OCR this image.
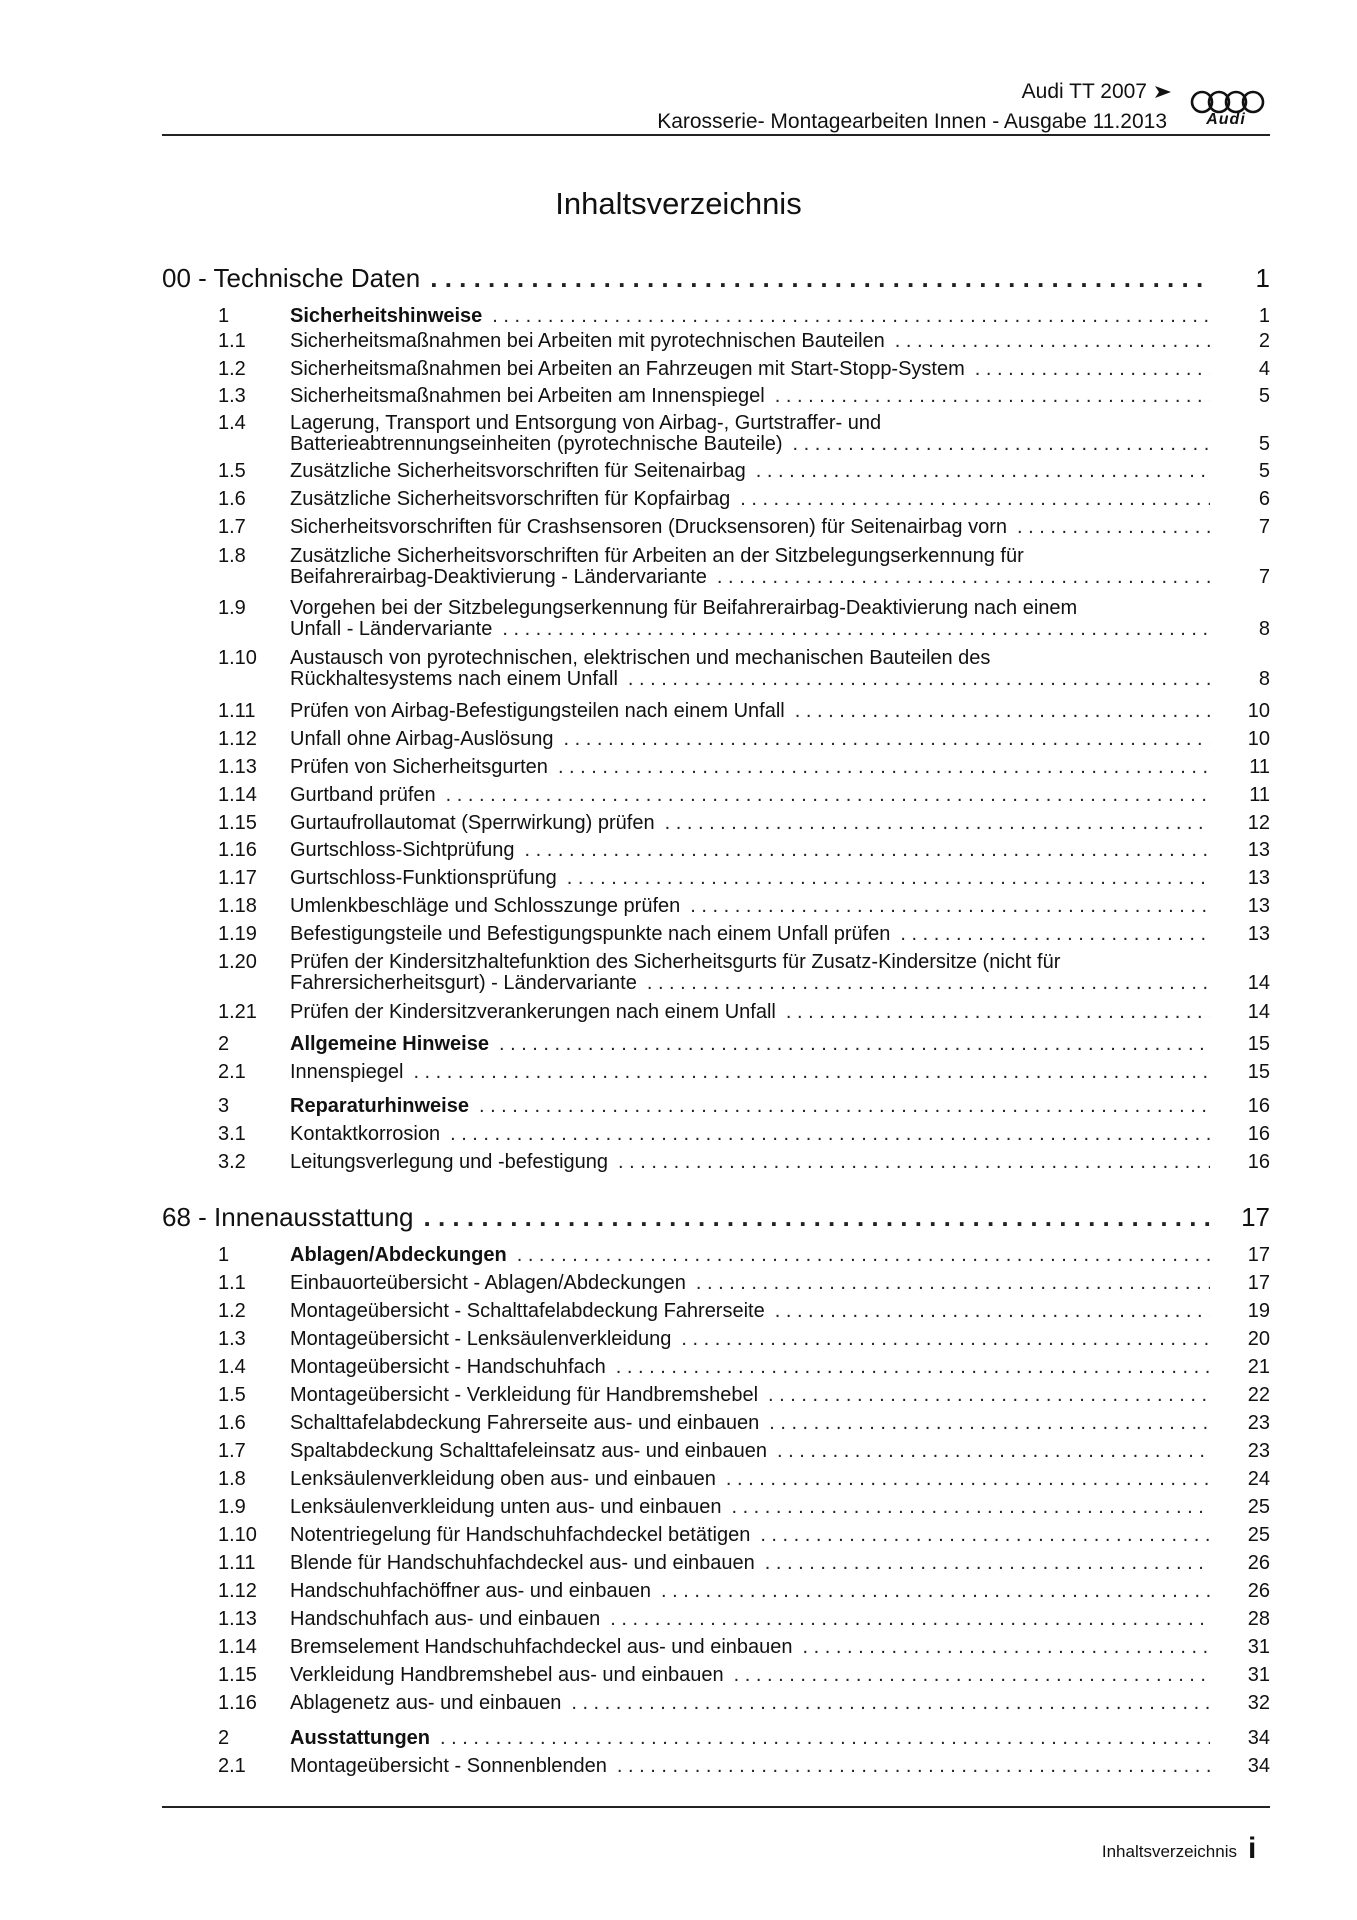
Audi TT 2007
Karosserie- Montagearbeiten Innen - Ausgabe 11.2013	Audi
Inhaltsverzeichnis
00 - Technische Daten . . .	1
1	Sicherheitshinweise . . .	1
1.1	Sicherheitsmaßnahmen bei Arbeiten mit pyrotechnischen Bauteilen . . .	2
1.2	Sicherheitsmaßnahmen bei Arbeiten an Fahrzeugen mit Start-Stopp-System . . .	4
1.3	Sicherheitsmaßnahmen bei Arbeiten am Innenspiegel . . .	5
1.4	Lagerung, Transport und Entsorgung von Airbag-, Gurtstraffer- und
Batterieabtrennungseinheiten (pyrotechnische Bauteile) . . .	5
1.5	Zusätzliche Sicherheitsvorschriften für Seitenairbag . . .	5
1.6	Zusätzliche Sicherheitsvorschriften für Kopfairbag . . .	6
1.7	Sicherheitsvorschriften für Crashsensoren (Drucksensoren) für Seitenairbag vorn . . .	7
1.8	Zusätzliche Sicherheitsvorschriften für Arbeiten an der Sitzbelegungserkennung für
Beifahrerairbag-Deaktivierung - Ländervariante . . .	7
1.9	Vorgehen bei der Sitzbelegungserkennung für Beifahrerairbag-Deaktivierung nach einem
Unfall - Ländervariante . . .	8
1.10	Austausch von pyrotechnischen, elektrischen und mechanischen Bauteilen des
Rückhaltesystems nach einem Unfall . . .	8
1.11	Prüfen von Airbag-Befestigungsteilen nach einem Unfall . . .	10
1.12	Unfall ohne Airbag-Auslösung . . .	10
1.13	Prüfen von Sicherheitsgurten . . .	11
1.14	Gurtband prüfen . . .	11
1.15	Gurtaufrollautomat (Sperrwirkung) prüfen . . .	12
1.16	Gurtschloss-Sichtprüfung . . .	13
1.17	Gurtschloss-Funktionsprüfung . . .	13
1.18	Umlenkbeschläge und Schlosszunge prüfen . . .	13
1.19	Befestigungsteile und Befestigungspunkte nach einem Unfall prüfen . . .	13
1.20	Prüfen der Kindersitzhaltefunktion des Sicherheitsgurts für Zusatz-Kindersitze (nicht für
Fahrersicherheitsgurt) - Ländervariante . . .	14
1.21	Prüfen der Kindersitzverankerungen nach einem Unfall . . .	14
2	Allgemeine Hinweise . . .	15
2.1	Innenspiegel . . .	15
3	Reparaturhinweise . . .	16
3.1	Kontaktkorrosion . . .	16
3.2	Leitungsverlegung und -befestigung . . .	16
68 - Innenausstattung . . .	17
1	Ablagen/Abdeckungen . . .	17
1.1	Einbauorteübersicht - Ablagen/Abdeckungen . . .	17
1.2	Montageübersicht - Schalttafelabdeckung Fahrerseite . . .	19
1.3	Montageübersicht - Lenksäulenverkleidung . . .	20
1.4	Montageübersicht - Handschuhfach . . .	21
1.5	Montageübersicht - Verkleidung für Handbremshebel . . .	22
1.6	Schalttafelabdeckung Fahrerseite aus- und einbauen . . .	23
1.7	Spaltabdeckung Schalttafeleinsatz aus- und einbauen . . .	23
1.8	Lenksäulenverkleidung oben aus- und einbauen . . .	24
1.9	Lenksäulenverkleidung unten aus- und einbauen . . .	25
1.10	Notentriegelung für Handschuhfachdeckel betätigen . . .	25
1.11	Blende für Handschuhfachdeckel aus- und einbauen . . .	26
1.12	Handschuhfachöffner aus- und einbauen . . .	26
1.13	Handschuhfach aus- und einbauen . . .	28
1.14	Bremselement Handschuhfachdeckel aus- und einbauen . . .	31
1.15	Verkleidung Handbremshebel aus- und einbauen . . .	31
1.16	Ablagenetz aus- und einbauen . . .	32
2	Ausstattungen . . .	34
2.1	Montageübersicht - Sonnenblenden . . .	34
Inhaltsverzeichnis i
